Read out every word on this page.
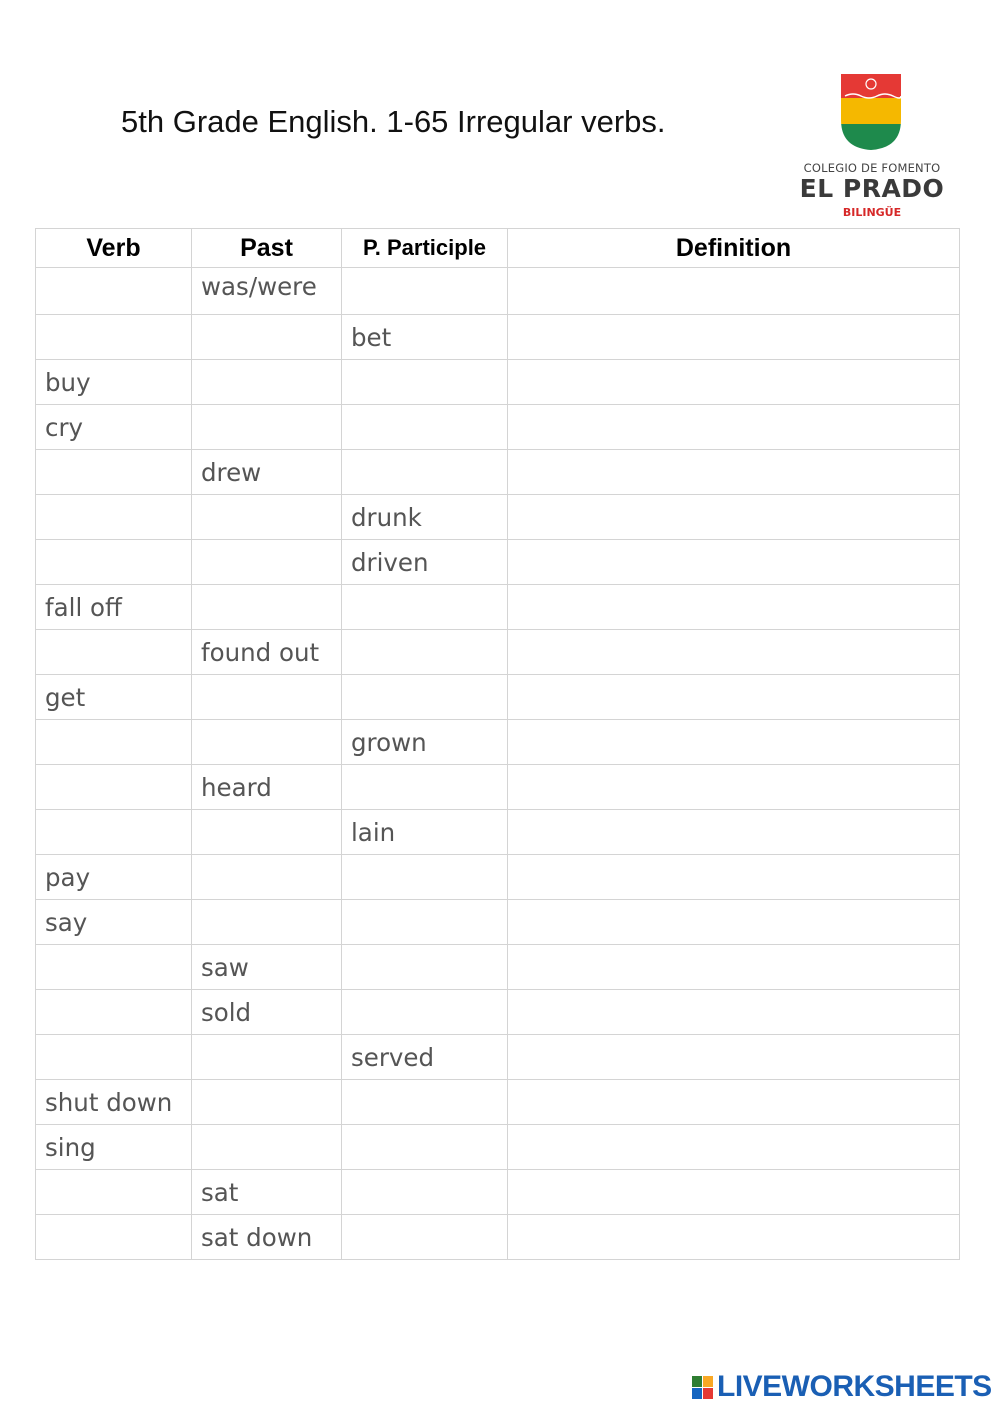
5th Grade English. 1-65 Irregular verbs.
COLEGIO DE FOMENTO
EL PRADO
BILINGÜE
Verb	Past	P. Participle	Definition
	was/were		
		bet	
buy			
cry			
	drew		
		drunk	
		driven	
fall off			
	found out		
get			
		grown	
	heard		
		lain	
pay			
say			
	saw		
	sold		
		served	
shut down			
sing			
	sat		
	sat down		
LIVEWORKSHEETS
